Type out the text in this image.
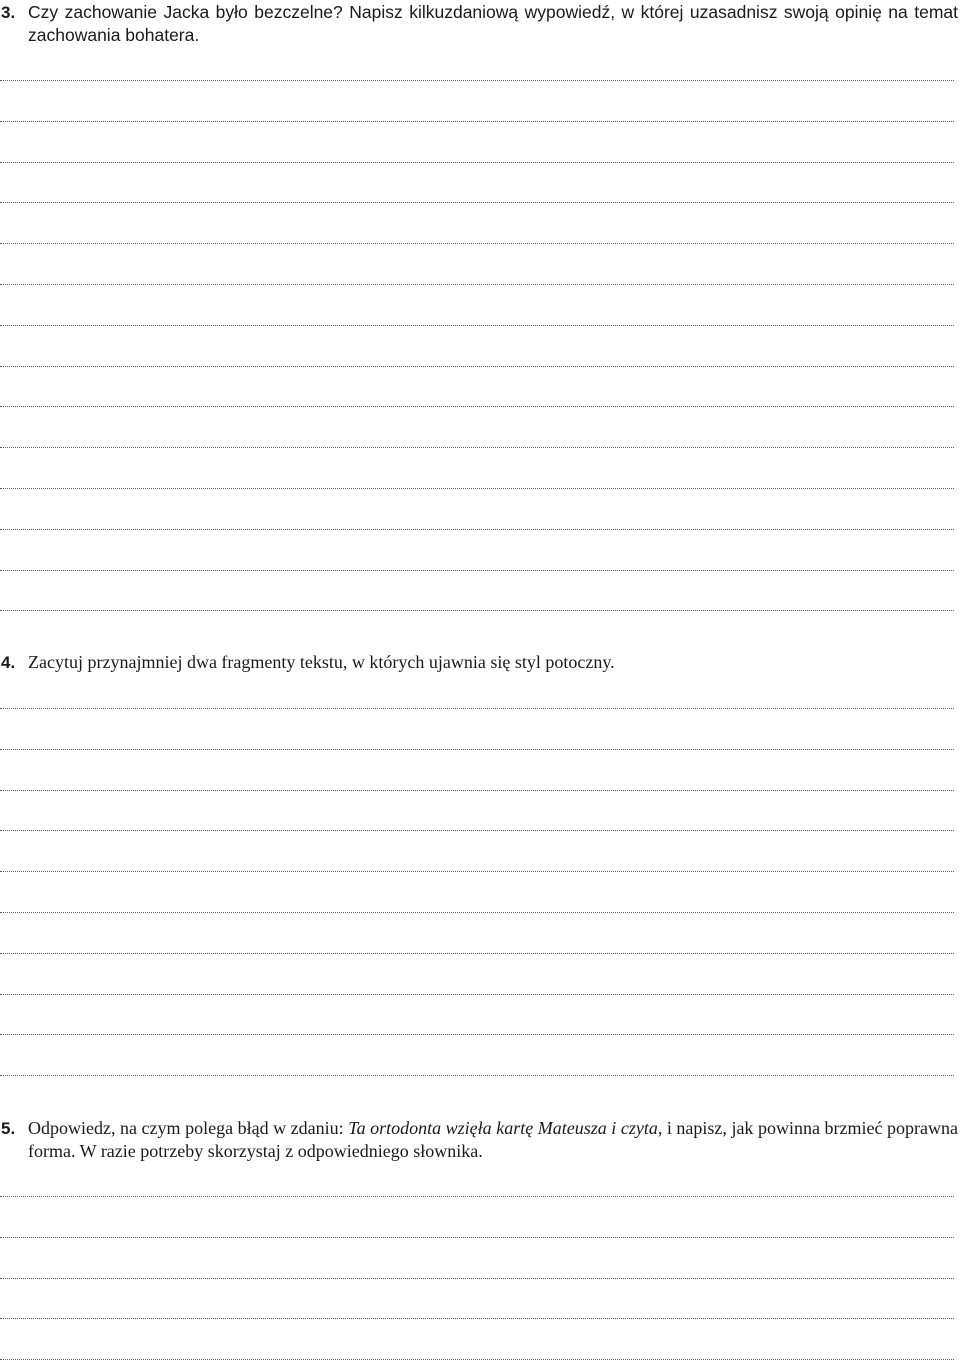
3. Czy zachowanie Jacka było bezczelne? Napisz kilkuzdaniową wypowiedź, w której uzasadnisz swoją opinię na temat zachowania bohatera.

4. Zacytuj przynajmniej dwa fragmenty tekstu, w których ujawnia się styl potoczny.

5. Odpowiedz, na czym polega błąd w zdaniu: Ta ortodonta wzięła kartę Mateusza i czyta, i napisz, jak powinna brzmieć poprawna forma. W razie potrzeby skorzystaj z odpowiedniego słownika.
